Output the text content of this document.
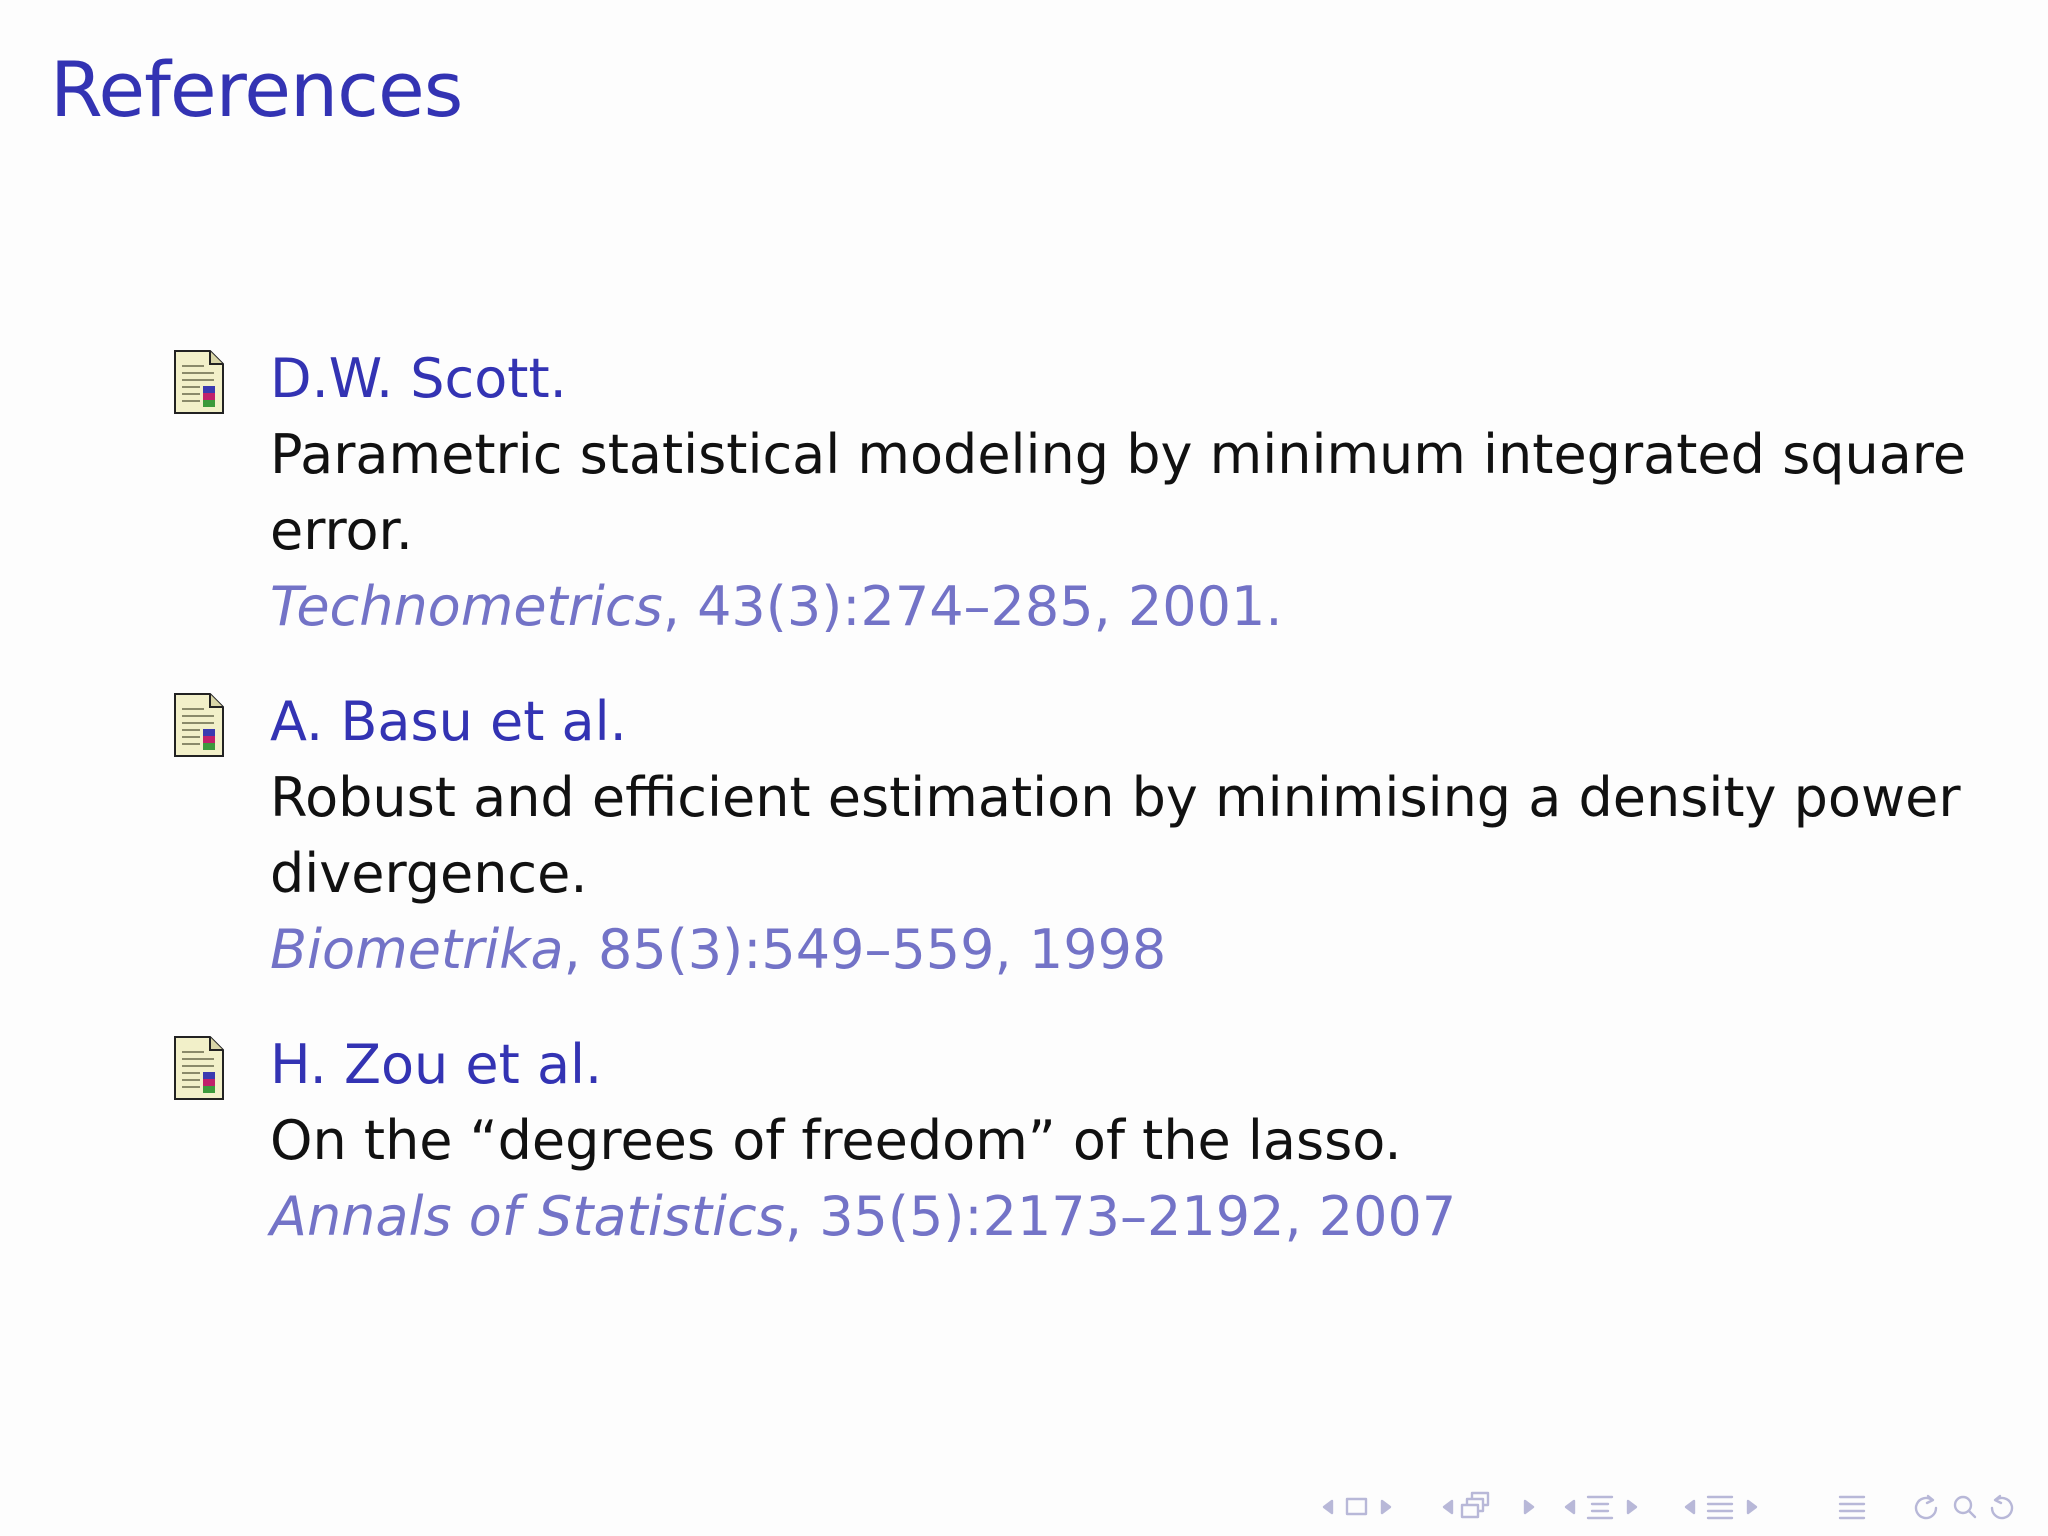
References
D.W. Scott.
Parametric statistical modeling by minimum integrated square
error.
Technometrics, 43(3):274–285, 2001.
A. Basu et al.
Robust and efficient estimation by minimising a density power
divergence.
Biometrika, 85(3):549–559, 1998
H. Zou et al.
On the “degrees of freedom” of the lasso.
Annals of Statistics, 35(5):2173–2192, 2007
